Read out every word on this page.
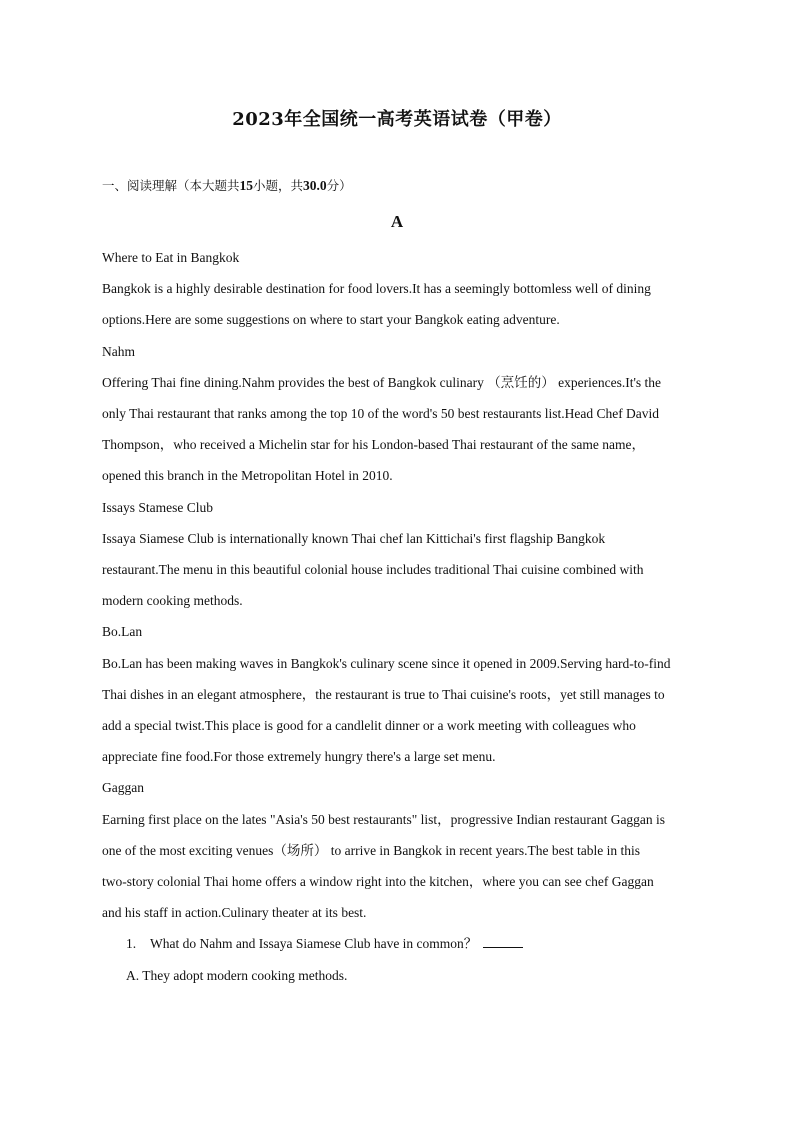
2023年全国统一高考英语试卷（甲卷）
一、阅读理解（本大题共15小题，共30.0分）
A

Where to Eat in Bangkok

Bangkok is a highly desirable destination for food lovers.It has a seemingly bottomless well of dining

options.Here are some suggestions on where to start your Bangkok eating adventure.

Nahm

Offering Thai fine dining.Nahm provides the best of Bangkok culinary （烹饪的） experiences.It's the

only Thai restaurant that ranks among the top 10 of the word's 50 best restaurants list.Head Chef David

Thompson，who received a Michelin star for his London-based Thai restaurant of the same name，

opened this branch in the Metropolitan Hotel in 2010.

Issays Stamese Club

Issaya Siamese Club is internationally known Thai chef lan Kittichai's first flagship Bangkok

restaurant.The menu in this beautiful colonial house includes traditional Thai cuisine combined with

modern cooking methods.

Bo.Lan

Bo.Lan has been making waves in Bangkok's culinary scene since it opened in 2009.Serving hard-to-find

Thai dishes in an elegant atmosphere，the restaurant is true to Thai cuisine's roots，yet still manages to

add a special twist.This place is good for a candlelit dinner or a work meeting with colleagues who

appreciate fine food.For those extremely hungry there's a large set menu.

Gaggan

Earning first place on the lates "Asia's 50 best restaurants" list，progressive Indian restaurant Gaggan is

one of the most exciting venues（场所） to arrive in Bangkok in recent years.The best table in this

two-story colonial Thai home offers a window right into the kitchen，where you can see chef Gaggan

and his staff in action.Culinary theater at its best.

1. What do Nahm and Issaya Siamese Club have in common？

A. They adopt modern cooking methods.
